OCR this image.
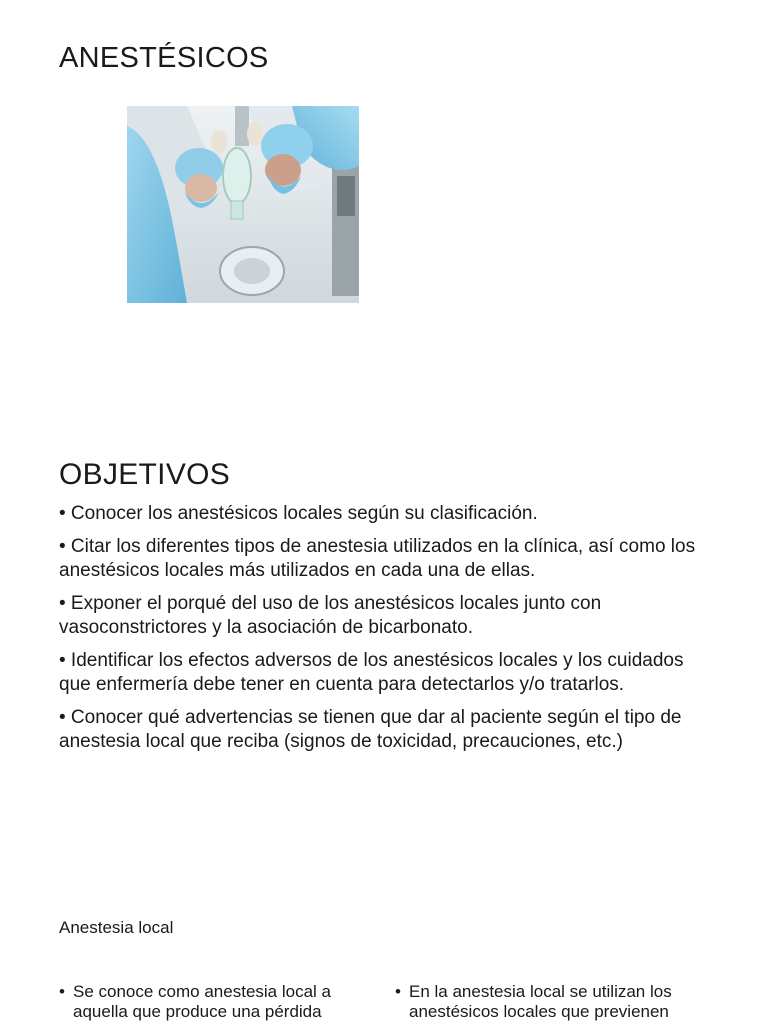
ANESTÉSICOS
OBJETIVOS
• Conocer los anestésicos locales según su clasificación.
• Citar los diferentes tipos de anestesia utilizados en la clínica, así como los anestésicos locales más utilizados en cada una de ellas.
• Exponer el porqué del uso de los anestésicos locales junto con vasoconstrictores y la asociación de bicarbonato.
• Identificar los efectos adversos de los anestésicos locales y los cuidados que enfermería debe tener en cuenta para detectarlos y/o tratarlos.
• Conocer qué advertencias se tienen que dar al paciente según el tipo de anestesia local que reciba (signos de toxicidad, precauciones, etc.)
Anestesia local
• Se conoce como anestesia local a aquella que produce una pérdida
• En la anestesia local se utilizan los anestésicos locales que previenen
